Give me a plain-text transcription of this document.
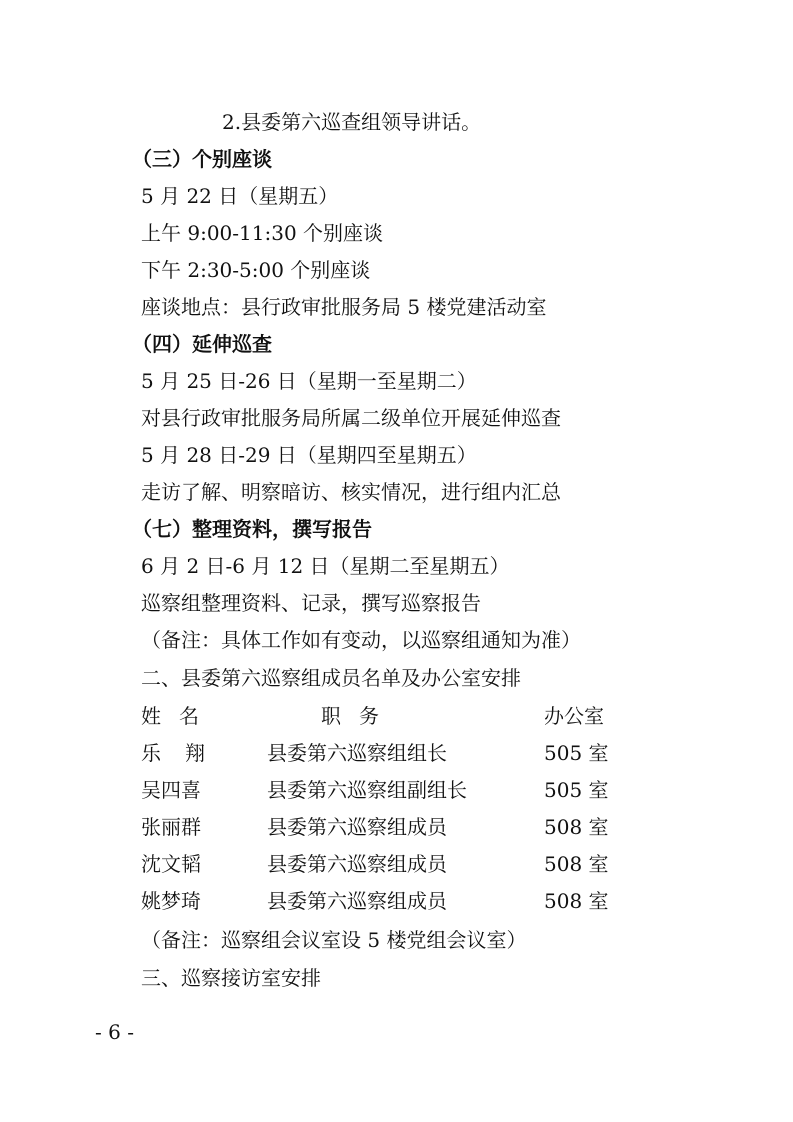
2.县委第六巡查组领导讲话。
（三）个别座谈
5 月 22 日（星期五）
上午 9:00-11:30 个别座谈
下午 2:30-5:00 个别座谈
座谈地点：县行政审批服务局 5 楼党建活动室
（四）延伸巡查
5 月 25 日-26 日（星期一至星期二）
对县行政审批服务局所属二级单位开展延伸巡查
5 月 28 日-29 日（星期四至星期五）
走访了解、明察暗访、核实情况，进行组内汇总
（七）整理资料，撰写报告
6 月 2 日-6 月 12 日（星期二至星期五）
巡察组整理资料、记录，撰写巡察报告
（备注：具体工作如有变动，以巡察组通知为准）
二、县委第六巡察组成员名单及办公室安排
姓名	职务	办公室
乐翔 县委第六巡察组组长	505 室
吴四喜	县委第六巡察组副组长	505 室
张丽群	县委第六巡察组成员	508 室
沈文韬	县委第六巡察组成员	508 室
姚梦琦	县委第六巡察组成员	508 室
（备注：巡察组会议室设 5 楼党组会议室）
三、巡察接访室安排
- 6 -
